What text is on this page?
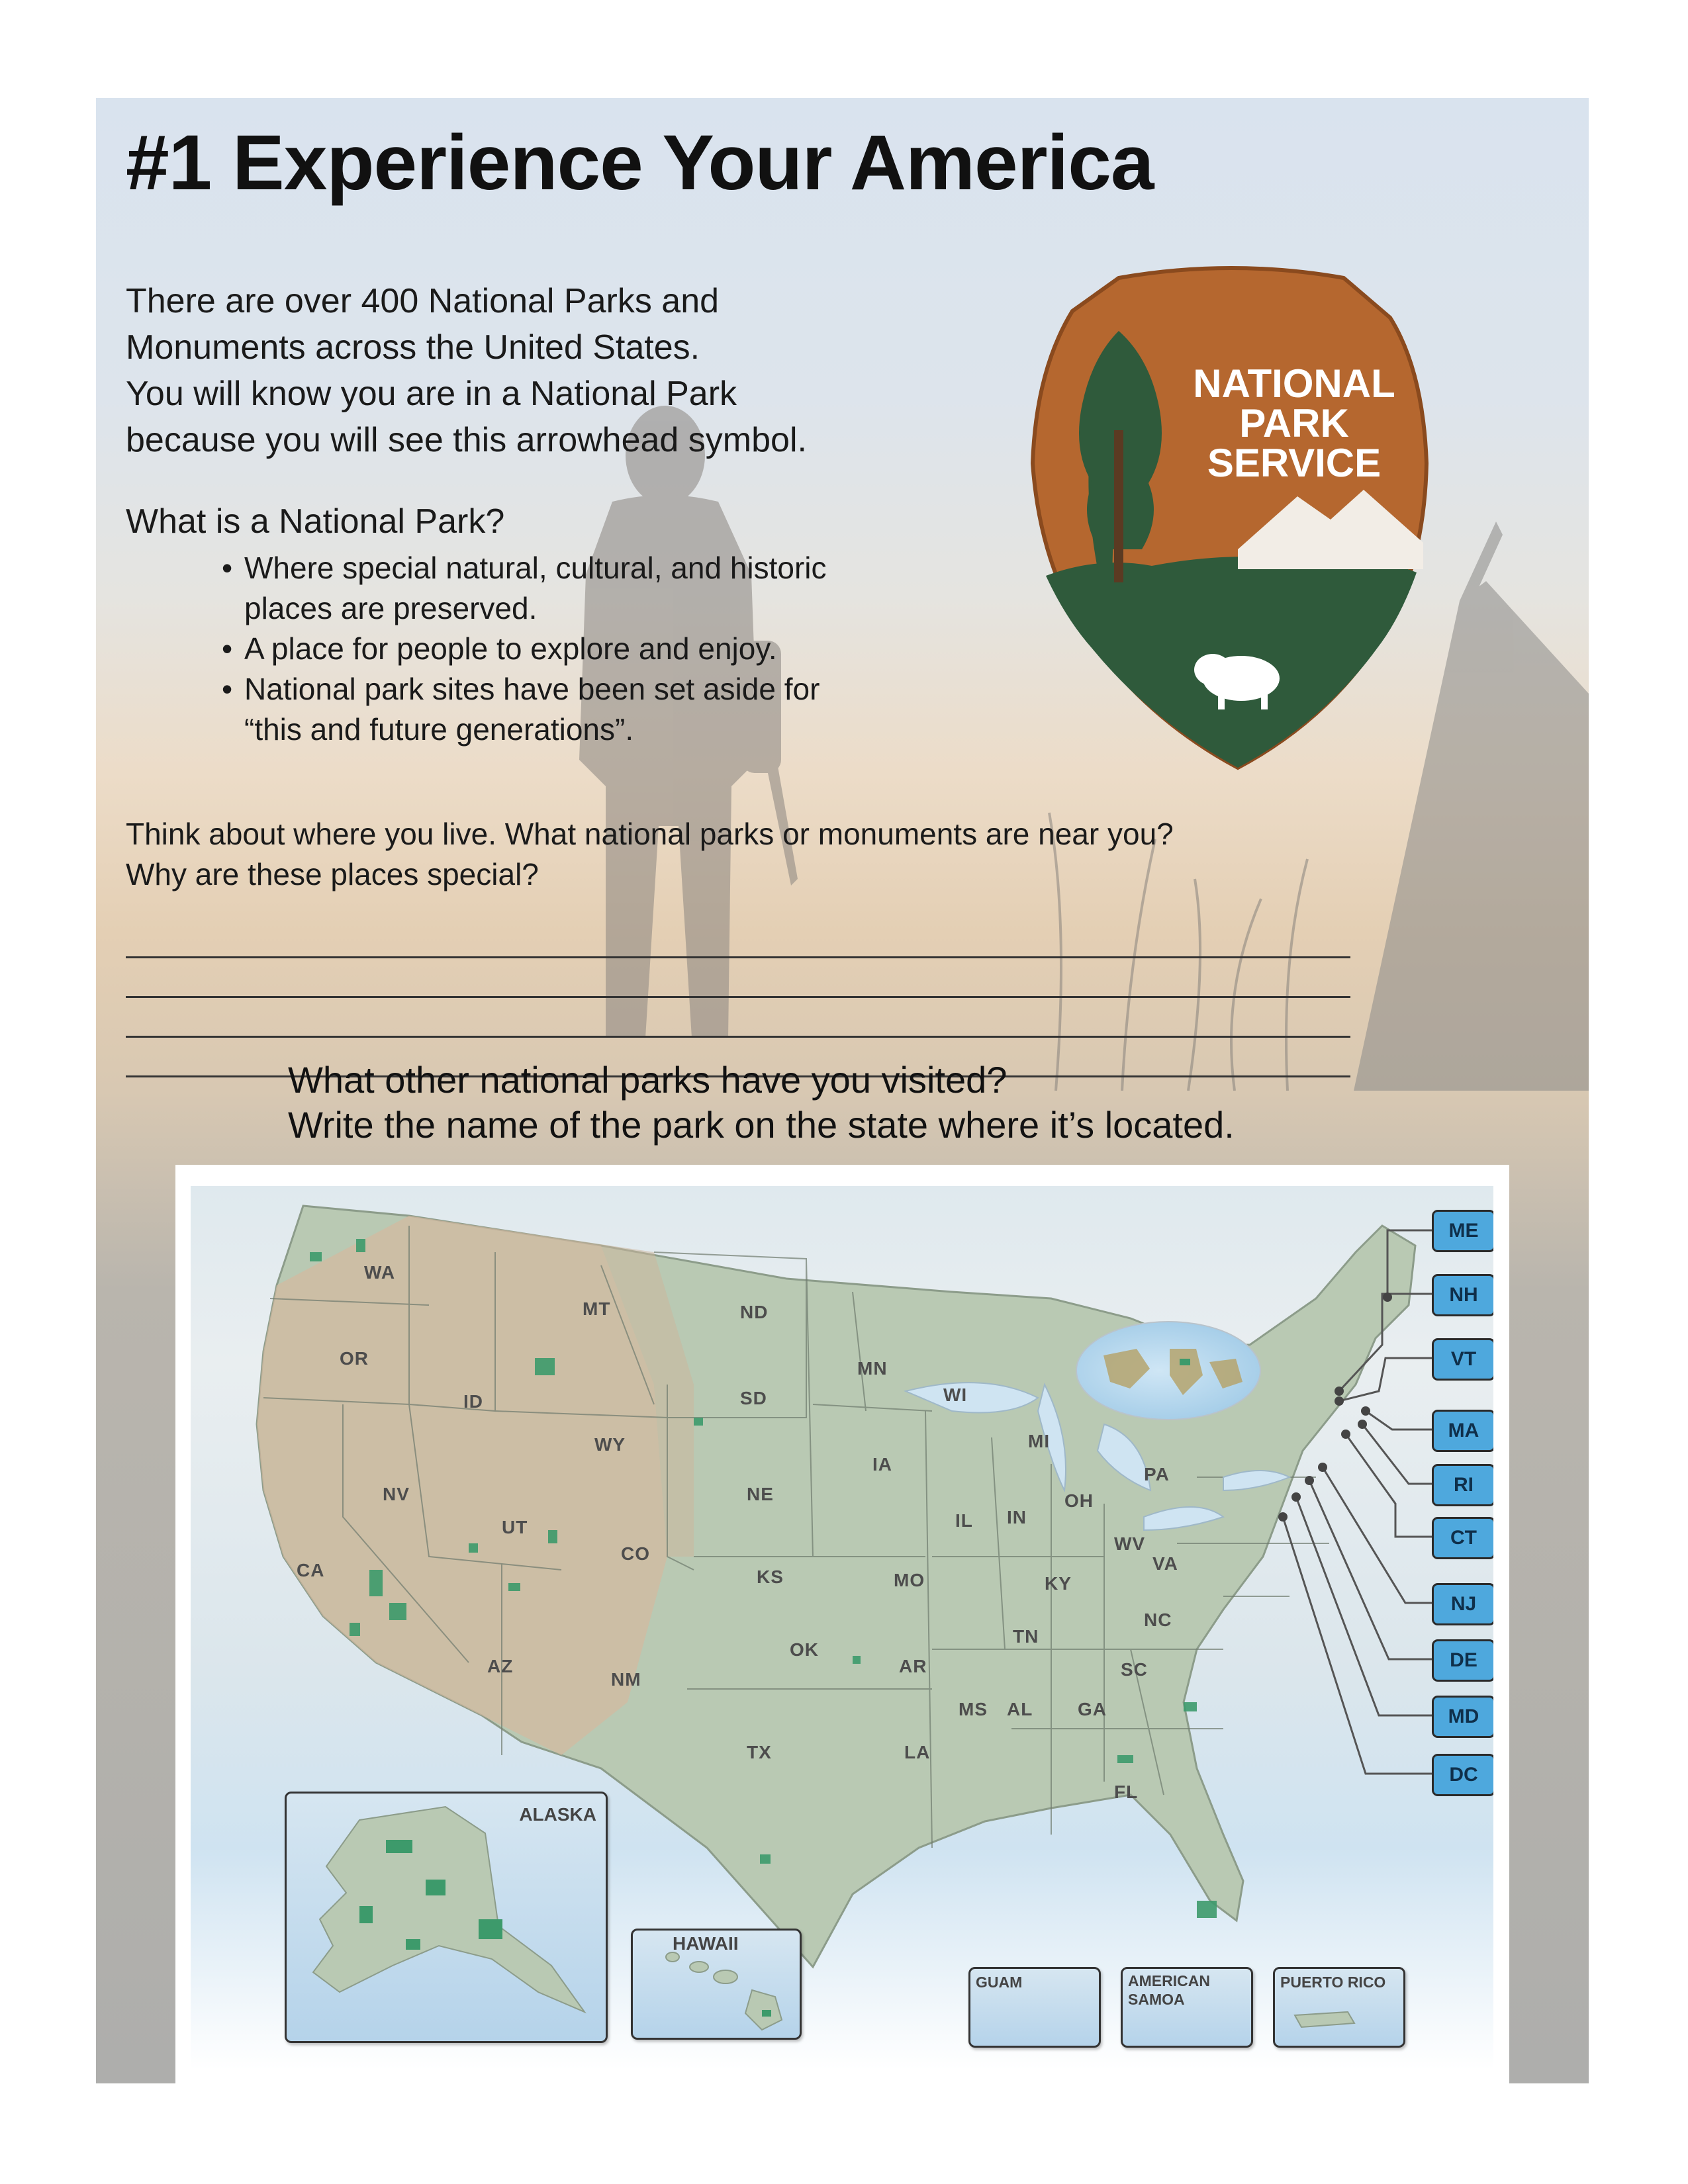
#1 Experience Your America

There are over 400 National Parks and

Monuments across the United States.

You will know you are in a National Park

because you will see this arrowhead symbol.

What is a National Park?
• Where special natural, cultural, and historic places are preserved.
• A place for people to explore and enjoy.
• National park sites have been set aside for “this and future generations”.
NATIONAL
PARK
SERVICE

Think about where you live. What national parks or monuments are near you?

Why are these places special?

What other national parks have you visited?

Write the name of the park on the state where it’s located.

WA
OR
CA
ID
NV
MT
WY
UT
AZ
CO
NM
ND
SD
NE
KS
OK
TX
MN
IA
MO
AR
LA
WI
IL
MS
MI
IN
KY
TN
AL
OH
WV
VA
PA
NC
SC
GA
FL
ME
NH
VT
MA
RI
CT
NJ
DE
MD
DC
ALASKA
HAWAII
GUAM	AMERICAN
SAMOA
PUERTO RICO
